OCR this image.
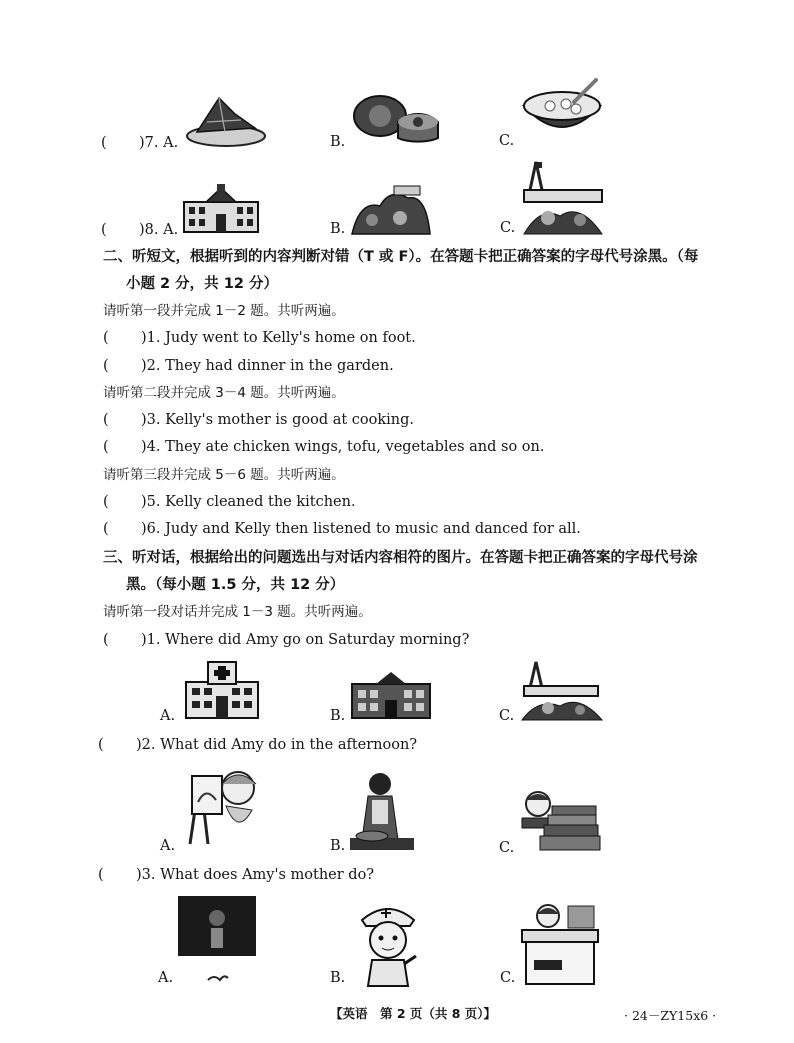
( )7. A.	B.	C.
( )8. A.	B.	C.
二、听短文，根据听到的内容判断对错（T 或 F）。在答题卡把正确答案的字母代号涂黑。（每
小题 2 分，共 12 分）
请听第一段并完成 1－2 题。共听两遍。
( )1. Judy went to Kelly's home on foot.
( )2. They had dinner in the garden.
请听第二段并完成 3－4 题。共听两遍。
( )3. Kelly's mother is good at cooking.
( )4. They ate chicken wings, tofu, vegetables and so on.
请听第三段并完成 5－6 题。共听两遍。
( )5. Kelly cleaned the kitchen.
( )6. Judy and Kelly then listened to music and danced for all.
三、听对话，根据给出的问题选出与对话内容相符的图片。在答题卡把正确答案的字母代号涂
黑。（每小题 1.5 分，共 12 分）
请听第一段对话并完成 1－3 题。共听两遍。
( )1. Where did Amy go on Saturday morning?
A.	B.	C.
( )2. What did Amy do in the afternoon?
A.	B.	C.
( )3. What does Amy's mother do?
A.	B.	C.
【英语　第 2 页（共 8 页）】	· 24－ZY15x6 ·
